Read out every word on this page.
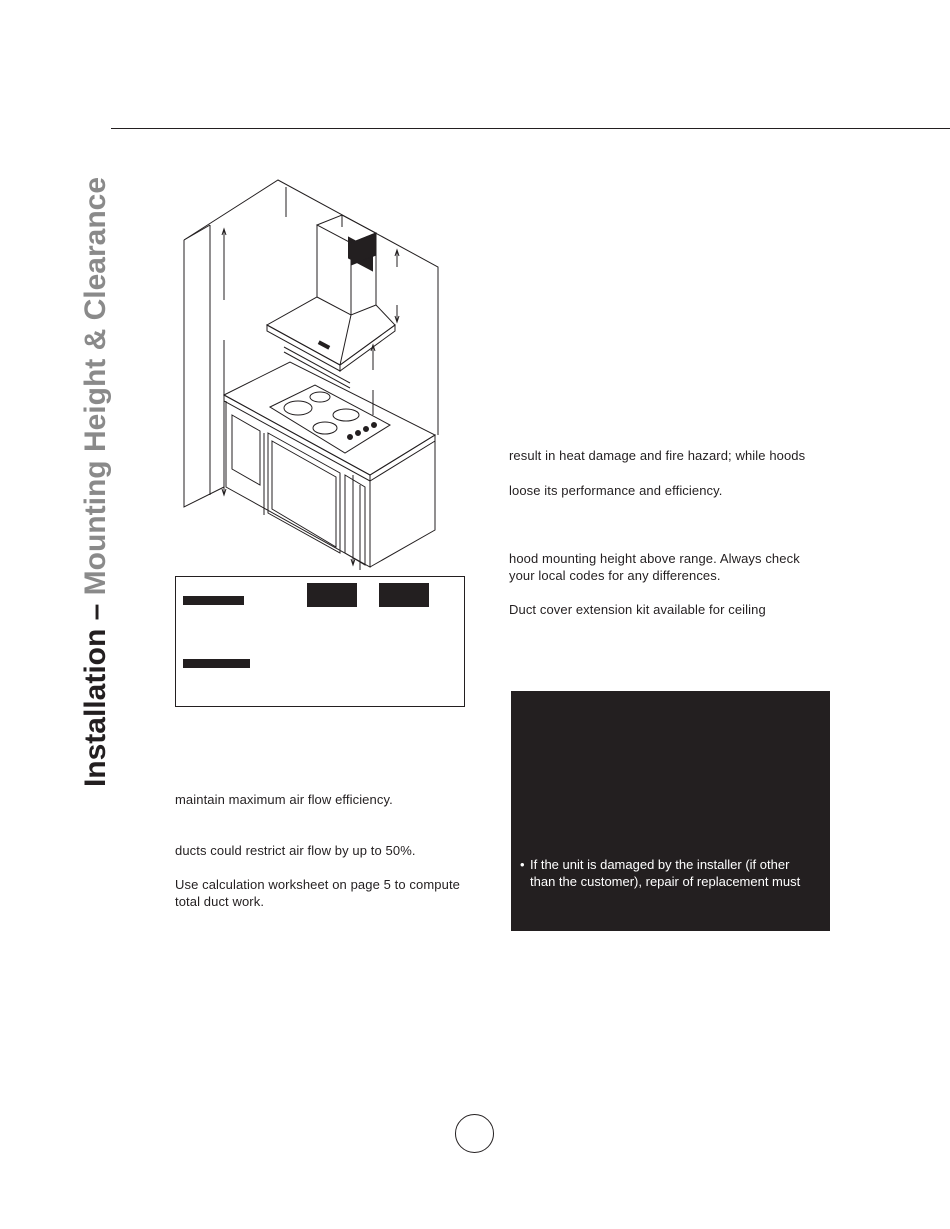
Installation – Mounting Height & Clearance	result in heat damage and fire hazard; while hoods
loose its performance and efficiency.
hood mounting height above range. Always check
your local codes for any differences.
Duct cover extension kit available for ceiling
maintain maximum air flow efficiency.
ducts could restrict air flow by up to 50%.
Use calculation worksheet on page 5 to compute
total duct work.
• If the unit is damaged by the installer (if other
than the customer), repair of replacement must
